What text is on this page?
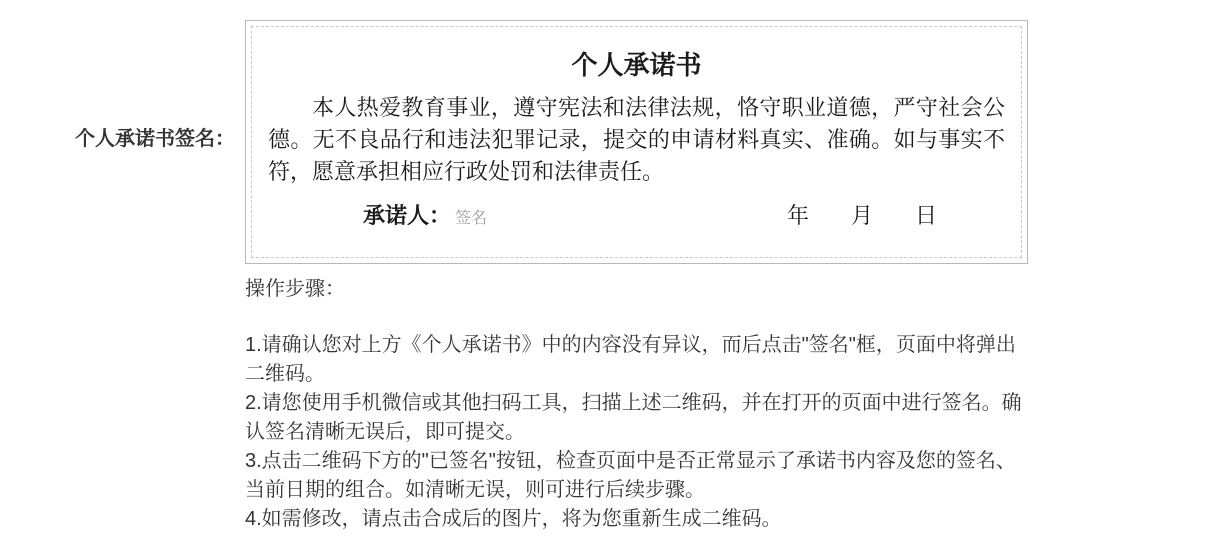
个人承诺书签名：
个人承诺书

本人热爱教育事业，遵守宪法和法律法规，恪守职业道德，严守社会公德。无不良品行和违法犯罪记录，提交的申请材料真实、准确。如与事实不符，愿意承担相应行政处罚和法律责任。

承诺人： 签名	年 月 日
操作步骤：
1.请确认您对上方《个人承诺书》中的内容没有异议，而后点击"签名"框，页面中将弹出二维码。
2.请您使用手机微信或其他扫码工具，扫描上述二维码，并在打开的页面中进行签名。确认签名清晰无误后，即可提交。
3.点击二维码下方的"已签名"按钮，检查页面中是否正常显示了承诺书内容及您的签名、当前日期的组合。如清晰无误，则可进行后续步骤。
4.如需修改，请点击合成后的图片，将为您重新生成二维码。
